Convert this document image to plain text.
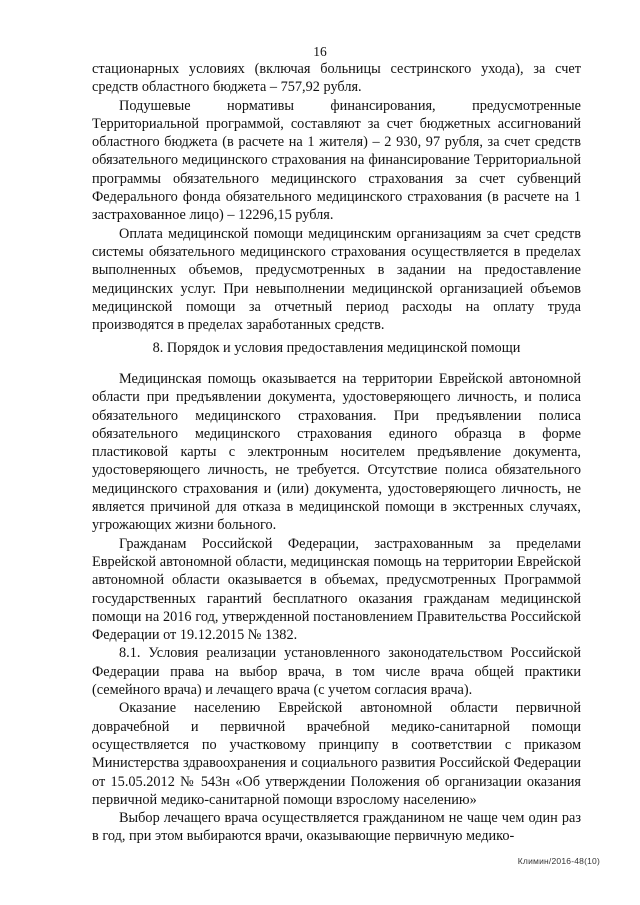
16

стационарных условиях (включая больницы сестринского ухода), за счет средств областного бюджета – 757,92 рубля.

Подушевые нормативы финансирования, предусмотренные Территориальной программой, составляют за счет бюджетных ассигнований областного бюджета (в расчете на 1 жителя) – 2 930, 97 рубля, за счет средств обязательного медицинского страхования на финансирование Территориальной программы обязательного медицинского страхования за счет субвенций Федерального фонда обязательного медицинского страхования (в расчете на 1 застрахованное лицо) – 12296,15 рубля.

Оплата медицинской помощи медицинским организациям за счет средств системы обязательного медицинского страхования осуществляется в пределах выполненных объемов, предусмотренных в задании на предоставление медицинских услуг. При невыполнении медицинской организацией объемов медицинской помощи за отчетный период расходы на оплату труда производятся в пределах заработанных средств.

8. Порядок и условия предоставления медицинской помощи

Медицинская помощь оказывается на территории Еврейской автономной области при предъявлении документа, удостоверяющего личность, и полиса обязательного медицинского страхования. При предъявлении полиса обязательного медицинского страхования единого образца в форме пластиковой карты с электронным носителем предъявление документа, удостоверяющего личность, не требуется. Отсутствие полиса обязательного медицинского страхования и (или) документа, удостоверяющего личность, не является причиной для отказа в медицинской помощи в экстренных случаях, угрожающих жизни больного.

Гражданам Российской Федерации, застрахованным за пределами Еврейской автономной области, медицинская помощь на территории Еврейской автономной области оказывается в объемах, предусмотренных Программой государственных гарантий бесплатного оказания гражданам медицинской помощи на 2016 год, утвержденной постановлением Правительства Российской Федерации от 19.12.2015 № 1382.

8.1. Условия реализации установленного законодательством Российской Федерации права на выбор врача, в том числе врача общей практики (семейного врача) и лечащего врача (с учетом согласия врача).

Оказание населению Еврейской автономной области первичной доврачебной и первичной врачебной медико-санитарной помощи осуществляется по участковому принципу в соответствии с приказом Министерства здравоохранения и социального развития Российской Федерации от 15.05.2012 № 543н «Об утверждении Положения об организации оказания первичной медико-санитарной помощи взрослому населению»

Выбор лечащего врача осуществляется гражданином не чаще чем один раз в год, при этом выбираются врачи, оказывающие первичную медико-

Климин/2016-48(10)
